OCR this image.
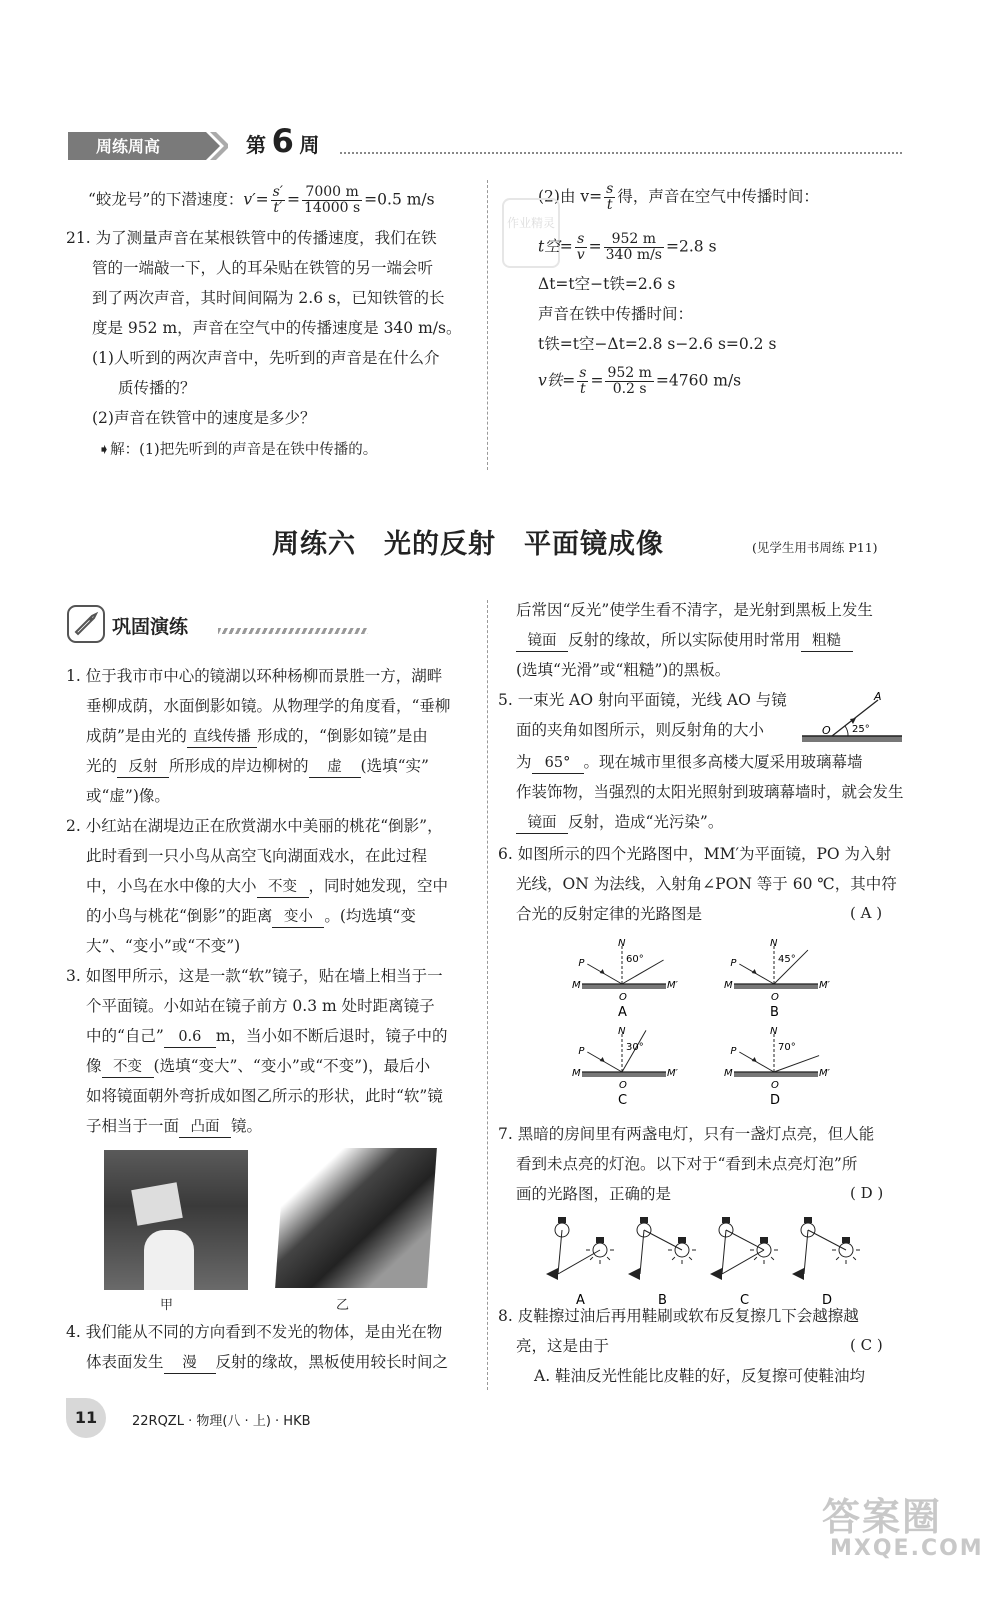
周练周高	第 6 周
“蛟龙号”的下潜速度：$v'= \frac{s'}{t'} = \frac{7000 m}{14000 s} =0.5$ m/s
21. 为了测量声音在某根铁管中的传播速度，我们在铁
管的一端敲一下，人的耳朵贴在铁管的另一端会听
到了两次声音，其时间间隔为 2.6 s，已知铁管的长
度是 952 m，声音在空气中的传播速度是 340 m/s。
(1)人听到的两次声音中，先听到的声音是在什么介
质传播的？
(2)声音在铁管中的速度是多少？
➧解：(1)把先听到的声音是在铁中传播的。
(2)由 $v= \frac{s}{t}$ 得，声音在空气中传播时间：
作业精灵
t空= $\frac{s}{v} = \frac{952 m}{340 m/s} =2.8$ s
Δt=t空−t铁=2.6 s
声音在铁中传播时间：
t铁=t空−Δt=2.8 s−2.6 s=0.2 s
v铁= $\frac{s}{t} = \frac{952 m}{0.2 s} =4760$ m/s
周练六　光的反射　平面镜成像	(见学生用书周练 P11)
巩固演练
1. 位于我市市中心的镜湖以环种杨柳而景胜一方，湖畔
垂柳成荫，水面倒影如镜。从物理学的角度看，“垂柳
成荫”是由光的 直线传播 形成的，“倒影如镜”是由
光的 反射 所形成的岸边柳树的 虚 (选填“实”
或“虚”)像。
2. 小红站在湖堤边正在欣赏湖水中美丽的桃花“倒影”，
此时看到一只小鸟从高空飞向湖面戏水，在此过程
中，小鸟在水中像的大小 不变 ，同时她发现，空中
的小鸟与桃花“倒影”的距离 变小 。(均选填“变
大”、“变小”或“不变”)
3. 如图甲所示，这是一款“软”镜子，贴在墙上相当于一
个平面镜。小如站在镜子前方 0.3 m 处时距离镜子
中的“自己” 0.6 m，当小如不断后退时，镜子中的
像 不变 (选填“变大”、“变小”或“不变”)，最后小
如将镜面朝外弯折成如图乙所示的形状，此时“软”镜
子相当于一面 凸面 镜。
甲	乙
4. 我们能从不同的方向看到不发光的物体，是由光在物
体表面发生 漫 反射的缘故，黑板使用较长时间之
后常因“反光”使学生看不清字，是光射到黑板上发生
镜面 反射的缘故，所以实际使用时常用 粗糙
(选填“光滑”或“粗糙”)的黑板。
5. 一束光 AO 射向平面镜，光线 AO 与镜
面的夹角如图所示，则反射角的大小
A
O 25°
为 65° 。现在城市里很多高楼大厦采用玻璃幕墙
作装饰物，当强烈的太阳光照射到玻璃幕墙时，就会发生
镜面 反射，造成“光污染”。
6. 如图所示的四个光路图中，MM′为平面镜，PO 为入射
光线，ON 为法线，入射角∠PON 等于 60 ℃，其中符
合光的反射定律的光路图是	( A )
P
N
M	M′
O
60°
A
P
N
M	M′
O
45°
B
P
N
M	M′
O
30°
C
P
N
M	M′
O
70°
D
7. 黑暗的房间里有两盏电灯，只有一盏灯点亮，但人能
看到未点亮的灯泡。以下对于“看到未点亮灯泡”所
画的光路图，正确的是	( D )
A	B	C	D
8. 皮鞋擦过油后再用鞋刷或软布反复擦几下会越擦越
亮，这是由于	( C )
A. 鞋油反光性能比皮鞋的好，反复擦可使鞋油均
11	22RQZL · 物理(八 · 上) · HKB
答案圈
MXQE.COM
